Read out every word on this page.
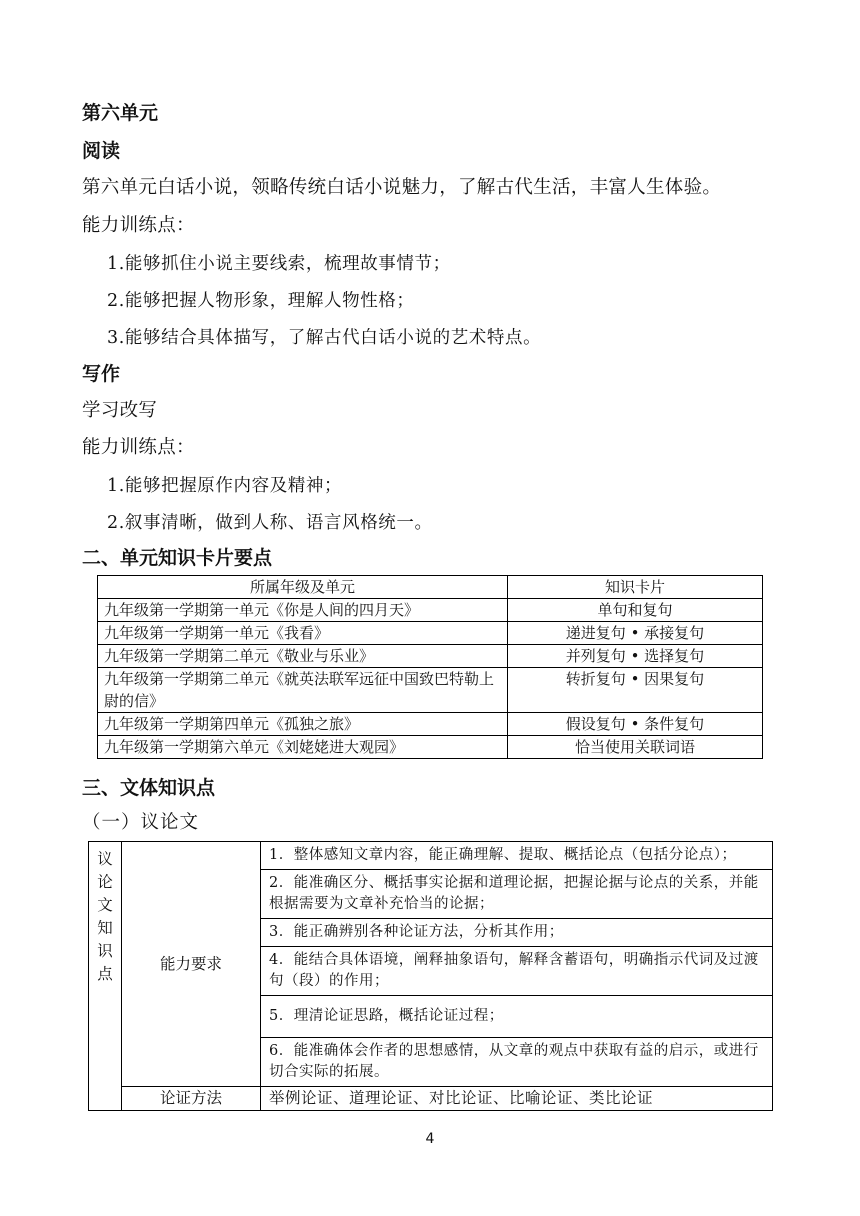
第六单元
阅读
第六单元白话小说，领略传统白话小说魅力，了解古代生活，丰富人生体验。
能力训练点：
1.能够抓住小说主要线索，梳理故事情节；
2.能够把握人物形象，理解人物性格；
3.能够结合具体描写，了解古代白话小说的艺术特点。
写作
学习改写
能力训练点：
1.能够把握原作内容及精神；
2.叙事清晰，做到人称、语言风格统一。
二、单元知识卡片要点
所属年级及单元	知识卡片
九年级第一学期第一单元《你是人间的四月天》	单句和复句
九年级第一学期第一单元《我看》	递进复句 • 承接复句
九年级第一学期第二单元《敬业与乐业》	并列复句 • 选择复句
九年级第一学期第二单元《就英法联军远征中国致巴特勒上尉的信》	转折复句 • 因果复句
九年级第一学期第四单元《孤独之旅》	假设复句 • 条件复句
九年级第一学期第六单元《刘姥姥进大观园》	恰当使用关联词语
三、文体知识点
（一）议论文
议论文知识点	能力要求	1．整体感知文章内容，能正确理解、提取、概括论点（包括分论点）；
		2．能准确区分、概括事实论据和道理论据，把握论据与论点的关系，并能根据需要为文章补充恰当的论据；
		3．能正确辨别各种论证方法，分析其作用；
		4．能结合具体语境，阐释抽象语句，解释含蓄语句，明确指示代词及过渡句（段）的作用；
		5．理清论证思路，概括论证过程；
		6．能准确体会作者的思想感情，从文章的观点中获取有益的启示，或进行切合实际的拓展。
	论证方法	举例论证、道理论证、对比论证、比喻论证、类比论证
4
